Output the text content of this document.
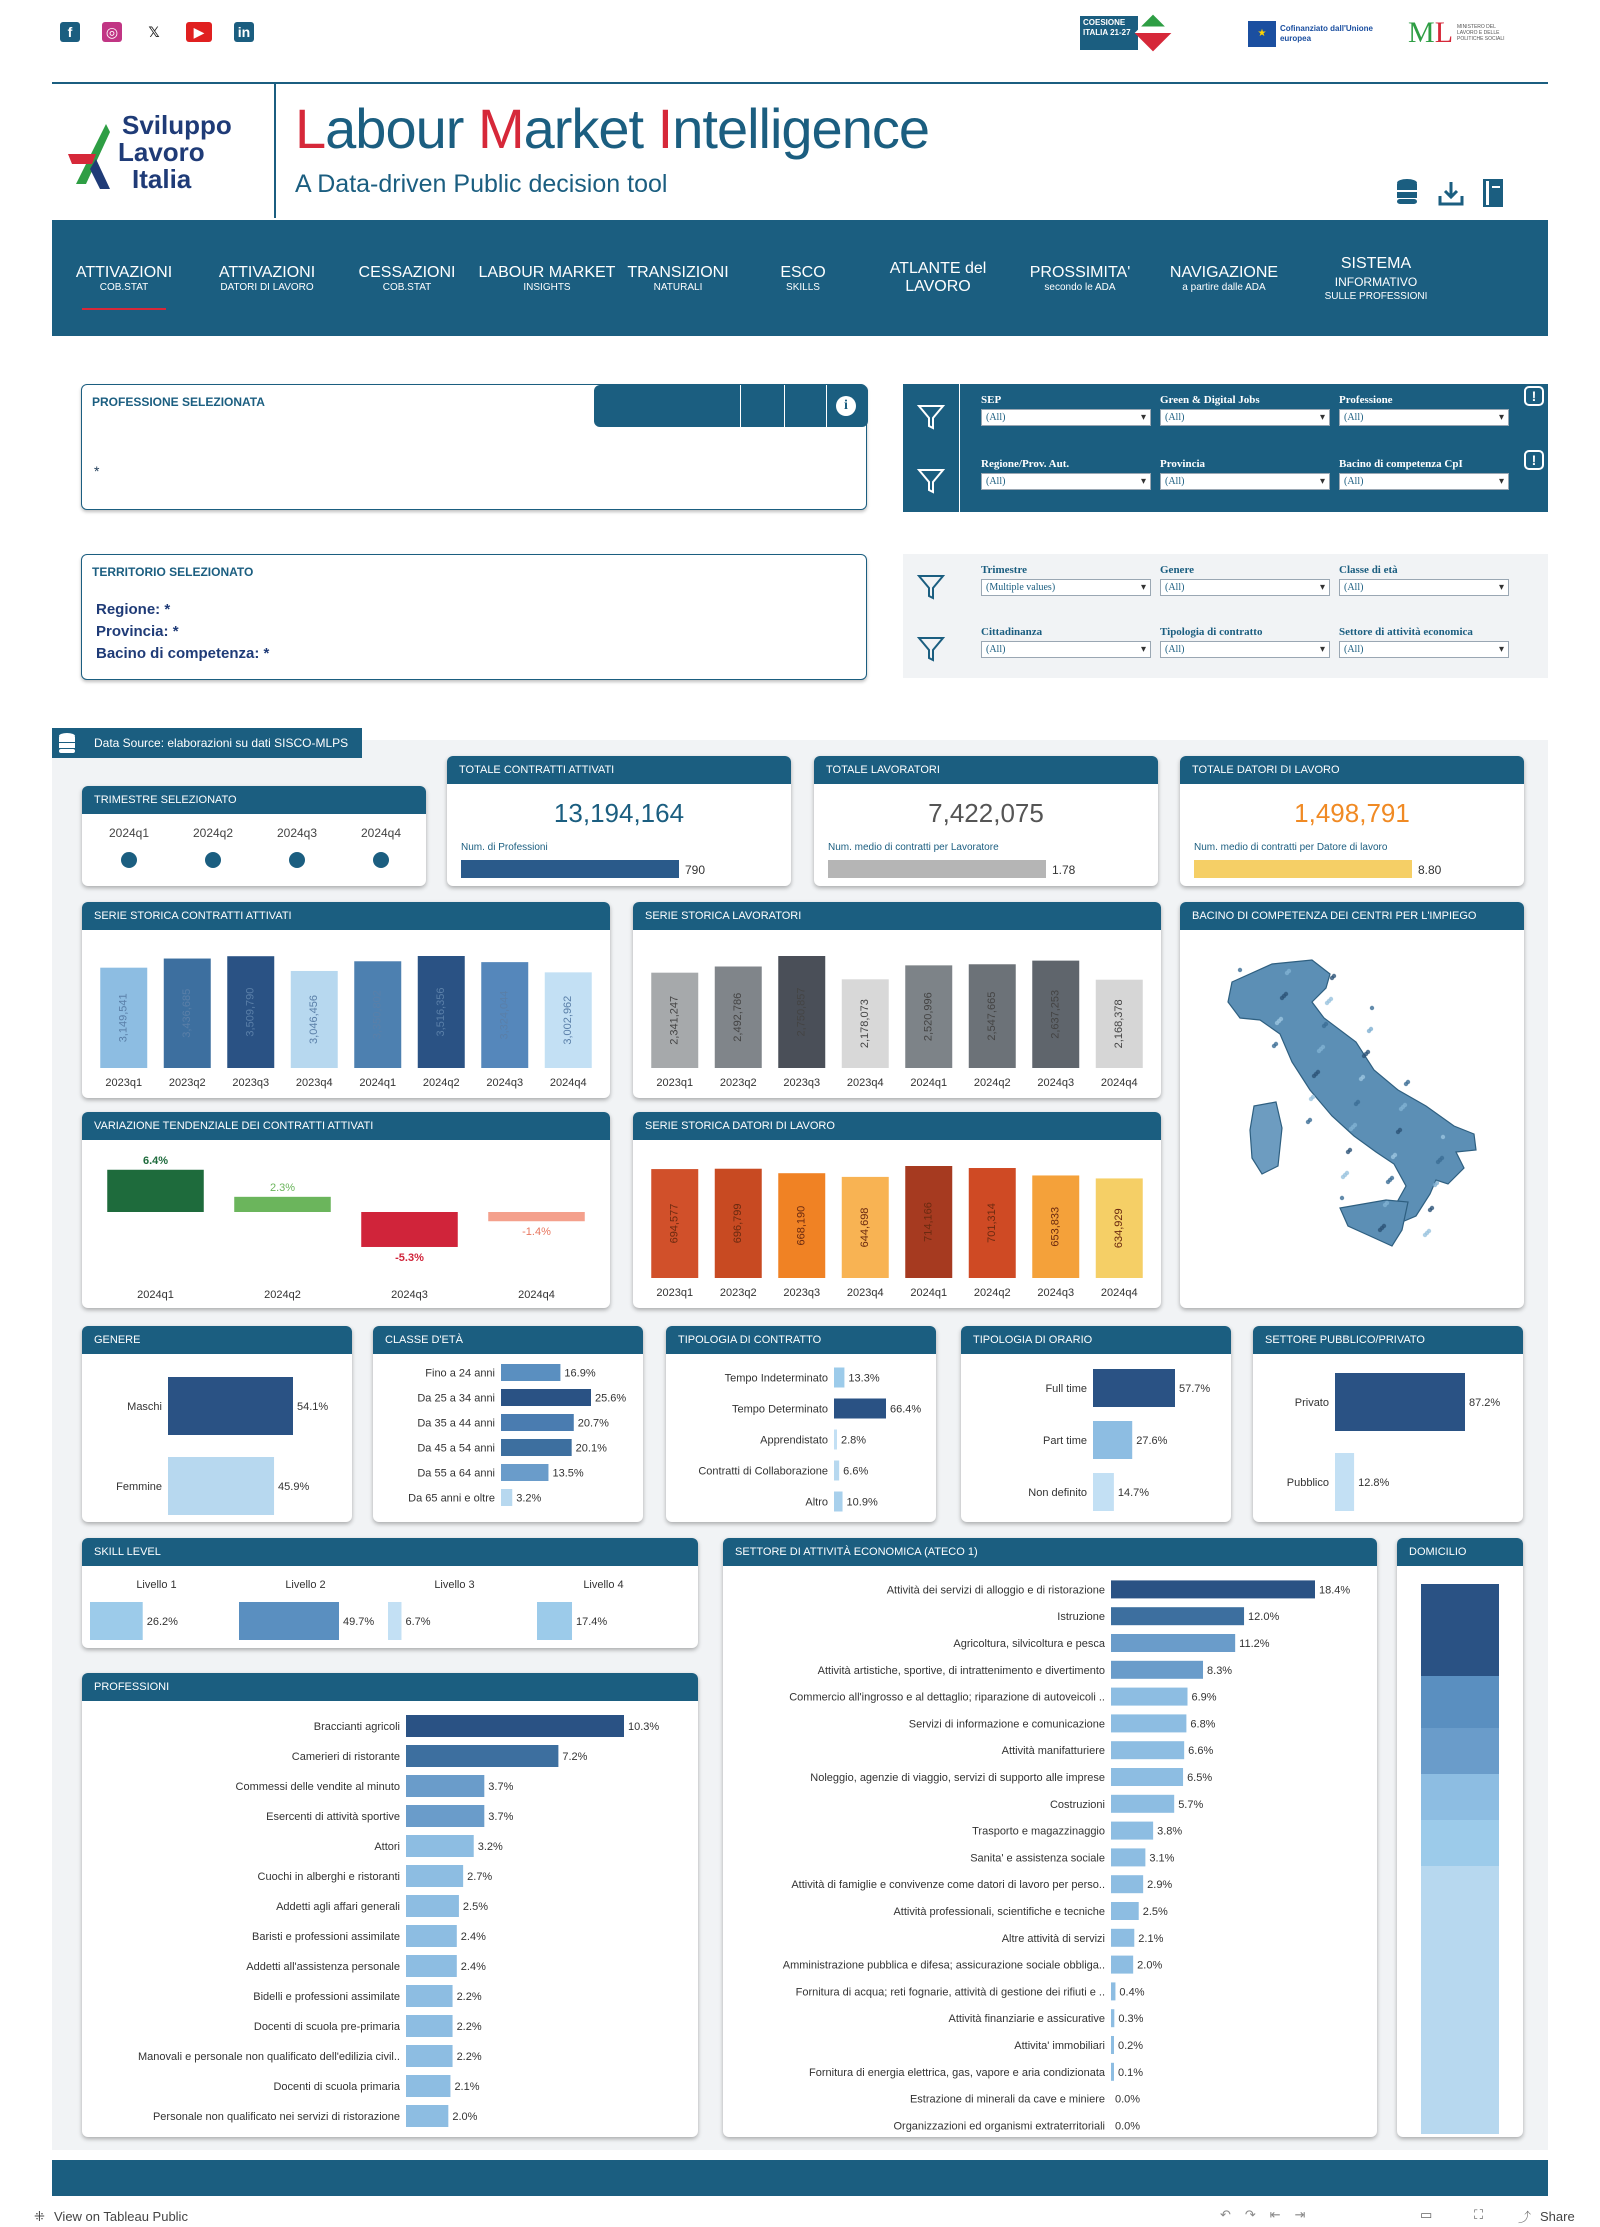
f	◎	𝕏	▶	in
COESIONE ITALIA 21-27	★	Cofinanziato dall'Unione europea	ML MINISTERO DEL LAVORO E DELLE POLITICHE SOCIALI
Sviluppo
Lavoro
Italia
Labour Market Intelligence
A Data-driven Public decision tool
ATTIVAZIONI
COB.STAT
ATTIVAZIONI
DATORI DI LAVORO
CESSAZIONI
COB.STAT
LABOUR MARKET
INSIGHTS
TRANSIZIONI
NATURALI
ESCO
SKILLS
ATLANTE del
LAVORO
PROSSIMITA'
secondo le ADA
NAVIGAZIONE
a partire dalle ADA
SISTEMA
INFORMATIVO
SULLE PROFESSIONI
PROFESSIONE SELEZIONATA	i
*
TERRITORIO SELEZIONATO
Regione: *
Provincia: *
Bacino di competenza: *
Data Source: elaborazioni su dati SISCO-MLPS
TRIMESTRE SELEZIONATO
2024q1	2024q2	2024q3	2024q4
TOTALE CONTRATTI ATTIVATI
13,194,164
Num. di Professioni
790
TOTALE LAVORATORI
7,422,075
Num. medio di contratti per Lavoratore
1.78
TOTALE DATORI DI LAVORO
1,498,791
Num. medio di contratti per Datore di lavoro
8.80
SERIE STORICA CONTRATTI ATTIVATI
3,149,541
2023q1
3,436,685
2023q2
3,509,790
2023q3
3,046,456
2023q4
3,350,802
2024q1
3,516,356
2024q2
3,324,044
2024q3
3,002,962
2024q4
SERIE STORICA LAVORATORI
2,341,247
2023q1
2,492,786
2023q2
2,750,857
2023q3
2,178,073
2023q4
2,520,996
2024q1
2,547,665
2024q2
2,637,253
2024q3
2,168,378
2024q4
SERIE STORICA DATORI DI LAVORO
694,577
2023q1
696,799
2023q2
668,190
2023q3
644,698
2023q4
714,166
2024q1
701,314
2024q2
653,833
2024q3
634,929
2024q4
VARIAZIONE TENDENZIALE DEI CONTRATTI ATTIVATI
6.4%
2024q1
2.3%
2024q2
-5.3%
2024q3
-1.4%
2024q4
BACINO DI COMPETENZA DEI CENTRI PER L'IMPIEGO
GENERE
Maschi	54.1%
Femmine	45.9%
CLASSE D'ETÀ
Fino a 24 anni	16.9%
Da 25 a 34 anni	25.6%
Da 35 a 44 anni	20.7%
Da 45 a 54 anni	20.1%
Da 55 a 64 anni	13.5%
Da 65 anni e oltre 3.2%
TIPOLOGIA DI CONTRATTO
Tempo Indeterminato 13.3%
Tempo Determinato	66.4%
Apprendistato 2.8%
Contratti di Collaborazione 6.6%
Altro 10.9%
TIPOLOGIA DI ORARIO
Full time	57.7%
Part time	27.6%
Non definito	14.7%
SETTORE PUBBLICO/PRIVATO
Privato	87.2%
Pubblico	12.8%
SKILL LEVEL
Livello 1
26.2%
Livello 2
49.7%
Livello 3
6.7%
Livello 4
17.4%
PROFESSIONI
Braccianti agricoli	10.3%
Camerieri di ristorante	7.2%
Commessi delle vendite al minuto	3.7%
Esercenti di attività sportive	3.7%
Attori	3.2%
Cuochi in alberghi e ristoranti	2.7%
Addetti agli affari generali	2.5%
Baristi e professioni assimilate	2.4%
Addetti all'assistenza personale	2.4%
Bidelli e professioni assimilate	2.2%
Docenti di scuola pre-primaria	2.2%
Manovali e personale non qualificato dell'edilizia civil..	2.2%
Docenti di scuola primaria	2.1%
Personale non qualificato nei servizi di ristorazione	2.0%
SETTORE DI ATTIVITÀ ECONOMICA (ATECO 1)
Attività dei servizi di alloggio e di ristorazione	18.4%
Istruzione	12.0%
Agricoltura, silvicoltura e pesca	11.2%
Attività artistiche, sportive, di intrattenimento e divertimento	8.3%
Commercio all'ingrosso e al dettaglio; riparazione di autoveicoli ..	6.9%
Servizi di informazione e comunicazione	6.8%
Attività manifatturiere	6.6%
Noleggio, agenzie di viaggio, servizi di supporto alle imprese	6.5%
Costruzioni	5.7%
Trasporto e magazzinaggio	3.8%
Sanita' e assistenza sociale	3.1%
Attività di famiglie e convivenze come datori di lavoro per perso..	2.9%
Attività professionali, scientifiche e tecniche	2.5%
Altre attività di servizi	2.1%
Amministrazione pubblica e difesa; assicurazione sociale obbliga..	2.0%
Fornitura di acqua; reti fognarie, attività di gestione dei rifiuti e .. 0.4%
Attività finanziarie e assicurative 0.3%
Attivita' immobiliari 0.2%
Fornitura di energia elettrica, gas, vapore e aria condizionata 0.1%
Estrazione di minerali da cave e miniere 0.0%
Organizzazioni ed organismi extraterritoriali 0.0%
DOMICILIO
⁜ View on Tableau Public	↶↷⇤⇥	▭	⛶	⤴ Share
SEP
(All) ▾
Green & Digital Jobs
(All) ▾
Professione
(All) ▾
!
Regione/Prov. Aut.
(All) ▾
Provincia
(All) ▾
Bacino di competenza CpI
(All) ▾
!
Trimestre
(Multiple values) ▾
Genere
(All) ▾
Classe di età
(All) ▾
Cittadinanza
(All) ▾
Tipologia di contratto
(All) ▾
Settore di attività economica
(All) ▾
